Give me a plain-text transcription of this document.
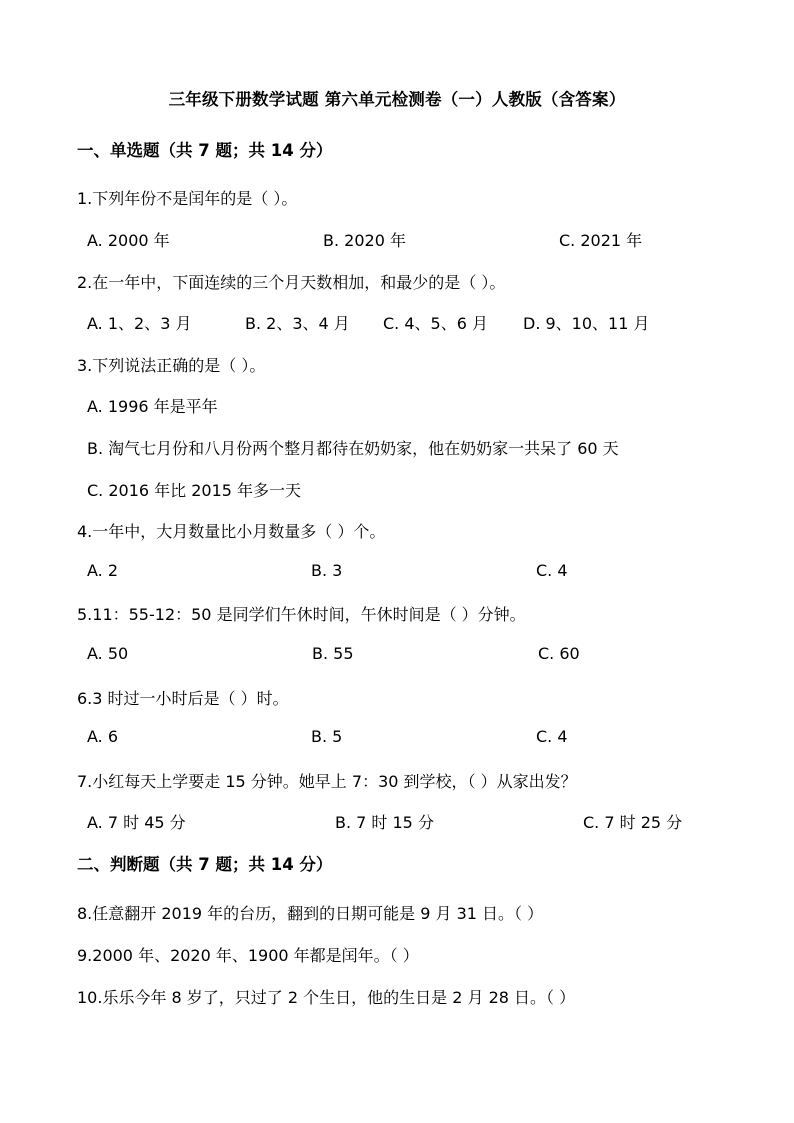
三年级下册数学试题 第六单元检测卷（一）人教版（含答案）
一、单选题（共 7 题；共 14 分）
1.下列年份不是闰年的是（ ）。
A. 2000 年	B. 2020 年	C. 2021 年
2.在一年中，下面连续的三个月天数相加，和最少的是（ ）。
A. 1、2、3 月	B. 2、3、4 月 C. 4、5、6 月 D. 9、10、11 月
3.下列说法正确的是（ ）。
A. 1996 年是平年
B. 淘气七月份和八月份两个整月都待在奶奶家，他在奶奶家一共呆了 60 天
C. 2016 年比 2015 年多一天
4.一年中，大月数量比小月数量多（ ）个。
A. 2	B. 3	C. 4
5.11：55-12：50 是同学们午休时间，午休时间是（ ）分钟。
A. 50	B. 55	C. 60
6.3 时过一小时后是（ ）时。
A. 6	B. 5	C. 4
7.小红每天上学要走 15 分钟。她早上 7：30 到学校，（ ）从家出发？
A. 7 时 45 分	B. 7 时 15 分	C. 7 时 25 分
二、判断题（共 7 题；共 14 分）
8.任意翻开 2019 年的台历，翻到的日期可能是 9 月 31 日。（ ）
9.2000 年、2020 年、1900 年都是闰年。（ ）
10.乐乐今年 8 岁了，只过了 2 个生日，他的生日是 2 月 28 日。（ ）
